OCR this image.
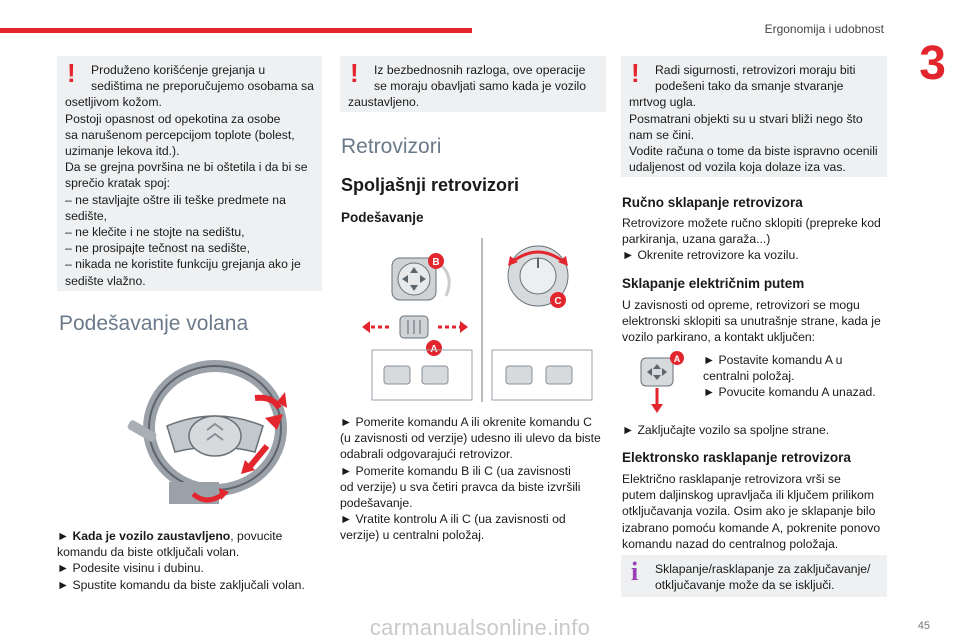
Ergonomija i udobnost
3
!	Produženo korišćenje grejanja u
sedištima ne preporučujemo osobama sa
osetljivom kožom.
Postoji opasnost od opekotina za osobe
sa narušenom percepcijom toplote (bolest,
uzimanje lekova itd.).
Da se grejna površina ne bi oštetila i da bi se
sprečio kratak spoj:
– ne stavljajte oštre ili teške predmete na
sedište,
– ne klečite i ne stojte na sedištu,
– ne prosipajte tečnost na sedište,
– nikada ne koristite funkciju grejanja ako je
sedište vlažno.
Podešavanje volana
► Kada je vozilo zaustavljeno, povucite
komandu da biste otključali volan.
► Podesite visinu i dubinu.
► Spustite komandu da biste zaključali volan.
!	Iz bezbednosnih razloga, ove operacije
se moraju obavljati samo kada je vozilo
zaustavljeno.
Retrovizori
Spoljašnji retrovizori
Podešavanje
B
A
C
► Pomerite komandu A ili okrenite komandu C
(u zavisnosti od verzije) udesno ili ulevo da biste
odabrali odgovarajući retrovizor.
► Pomerite komandu B ili C (ua zavisnosti
od verzije) u sva četiri pravca da biste izvršili
podešavanje.
► Vratite kontrolu A ili C (ua zavisnosti od
verzije) u centralni položaj.
!	Radi sigurnosti, retrovizori moraju biti
podešeni tako da smanje stvaranje
mrtvog ugla.
Posmatrani objekti su u stvari bliži nego što
nam se čini.
Vodite računa o tome da biste ispravno ocenili
udaljenost od vozila koja dolaze iza vas.
Ručno sklapanje retrovizora
Retrovizore možete ručno sklopiti (prepreke kod
parkiranja, uzana garaža...)
► Okrenite retrovizore ka vozilu.
Sklapanje električnim putem
U zavisnosti od opreme, retrovizori se mogu
elektronski sklopiti sa unutrašnje strane, kada je
vozilo parkirano, a kontakt uključen:
A ► Postavite komandu A u
centralni položaj.
► Povucite komandu A unazad.
► Zaključajte vozilo sa spoljne strane.
Elektronsko rasklapanje retrovizora
Električno rasklapanje retrovizora vrši se
putem daljinskog upravljača ili ključem prilikom
otključavanja vozila. Osim ako je sklapanje bilo
izabrano pomoću komande A, pokrenite ponovo
komandu nazad do centralnog položaja.
i	Sklapanje/rasklapanje za zaključavanje/
otključavanje može da se isključi.
carmanualsonline.info	45
